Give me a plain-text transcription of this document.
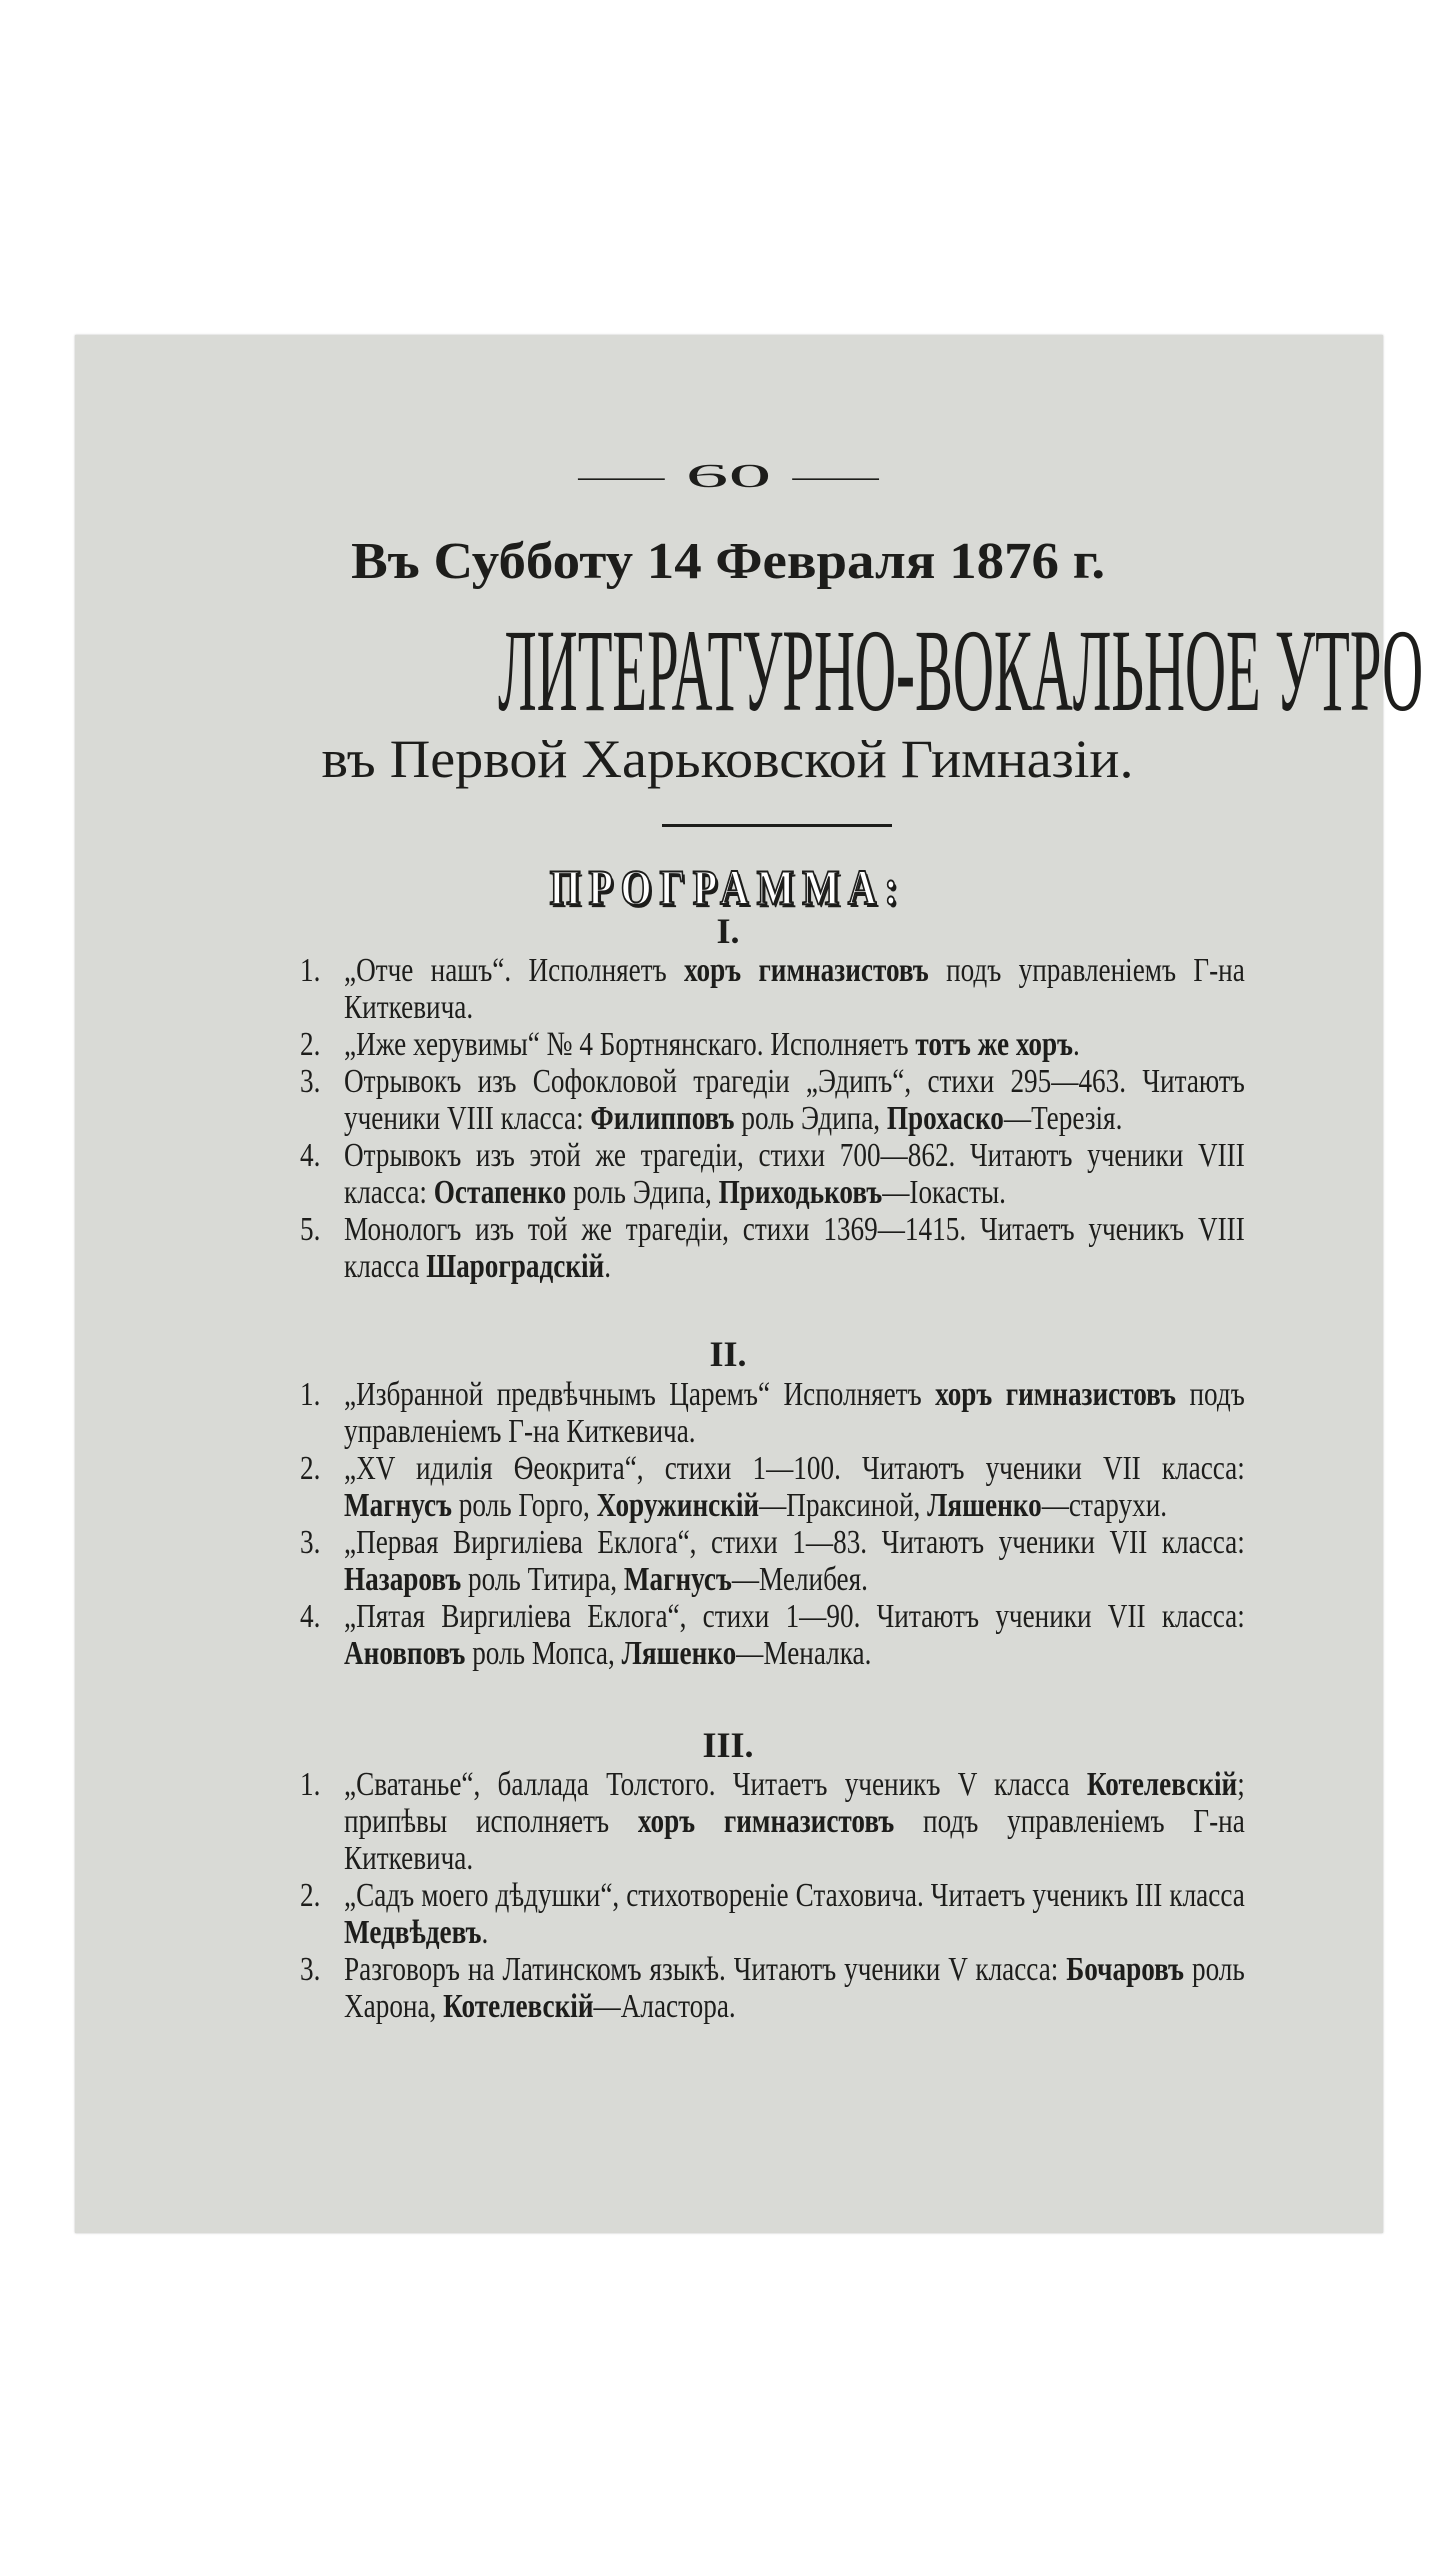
— 60 —
Въ Субботу 14 Февраля 1876 г.
ЛИТЕРАТУРНО-ВОКАЛЬНОЕ УТРО
въ Первой Харьковской Гимназіи.
ПРОГРАММА:
I.
1. „Отче нашъ“. Исполняетъ хоръ гимназистовъ подъ управленіемъ Г-на Киткевича.
2. „Иже херувимы“ № 4 Бортнянскаго. Исполняетъ тотъ же хоръ.
3. Отрывокъ изъ Софокловой трагедіи „Эдипъ“, стихи 295—463. Читаютъ ученики VIII класса: Филипповъ роль Эдипа, Прохаско—Терезія.
4. Отрывокъ изъ этой же трагедіи, стихи 700—862. Читаютъ ученики VIII класса: Остапенко роль Эдипа, Приходьковъ—Іокасты.
5. Монологъ изъ той же трагедіи, стихи 1369—1415. Читаетъ ученикъ VIII класса Шароградскій.
II.
1. „Избранной предвѣчнымъ Царемъ“ Исполняетъ хоръ гимназистовъ подъ управленіемъ Г-на Киткевича.
2. „XV идилія Ѳеокрита“, стихи 1—100. Читаютъ ученики VII класса: Магнусъ роль Горго, Хоружинскій—Праксиной, Ляшенко—старухи.
3. „Первая Виргиліева Еклога“, стихи 1—83. Читаютъ ученики VII класса: Назаровъ роль Титира, Магнусъ—Мелибея.
4. „Пятая Виргиліева Еклога“, стихи 1—90. Читаютъ ученики VII класса: Ановповъ роль Мопса, Ляшенко—Меналка.
III.
1. „Сватанье“, баллада Толстого. Читаетъ ученикъ V класса Котелевскій; припѣвы исполняетъ хоръ гимназистовъ подъ управленіемъ Г-на Киткевича.
2. „Садъ моего дѣдушки“, стихотвореніе Стаховича. Читаетъ ученикъ III класса Медвѣдевъ.
3. Разговоръ на Латинскомъ языкѣ. Читаютъ ученики V класса: Бочаровъ роль Харона, Котелевскій—Аластора.
